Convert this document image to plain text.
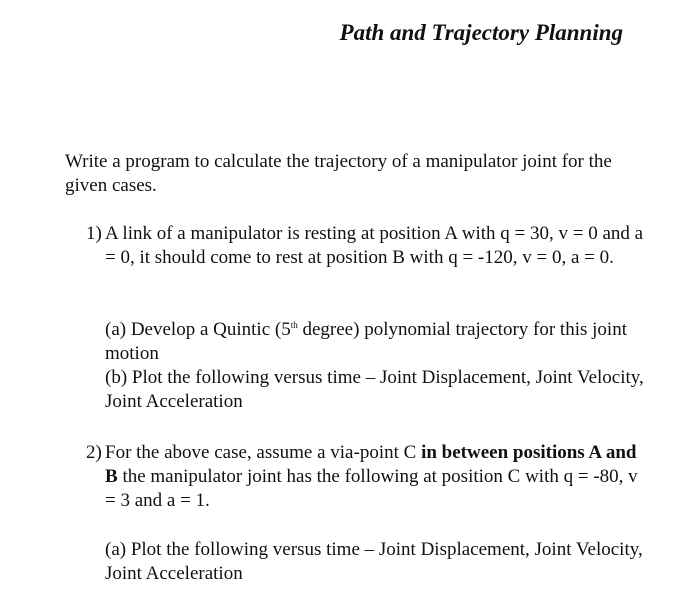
Path and Trajectory Planning
Write a program to calculate the trajectory of a manipulator joint for the given cases.
1) A link of a manipulator is resting at position A with q = 30, v = 0 and a = 0, it should come to rest at position B with q = -120, v = 0, a = 0.

(a) Develop a Quintic (5th degree) polynomial trajectory for this joint motion

(b) Plot the following versus time – Joint Displacement, Joint Velocity, Joint Acceleration

2) For the above case, assume a via-point C in between positions A and B the manipulator joint has the following at position C with q = -80, v = 3 and a = 1.

(a) Plot the following versus time – Joint Displacement, Joint Velocity, Joint Acceleration
